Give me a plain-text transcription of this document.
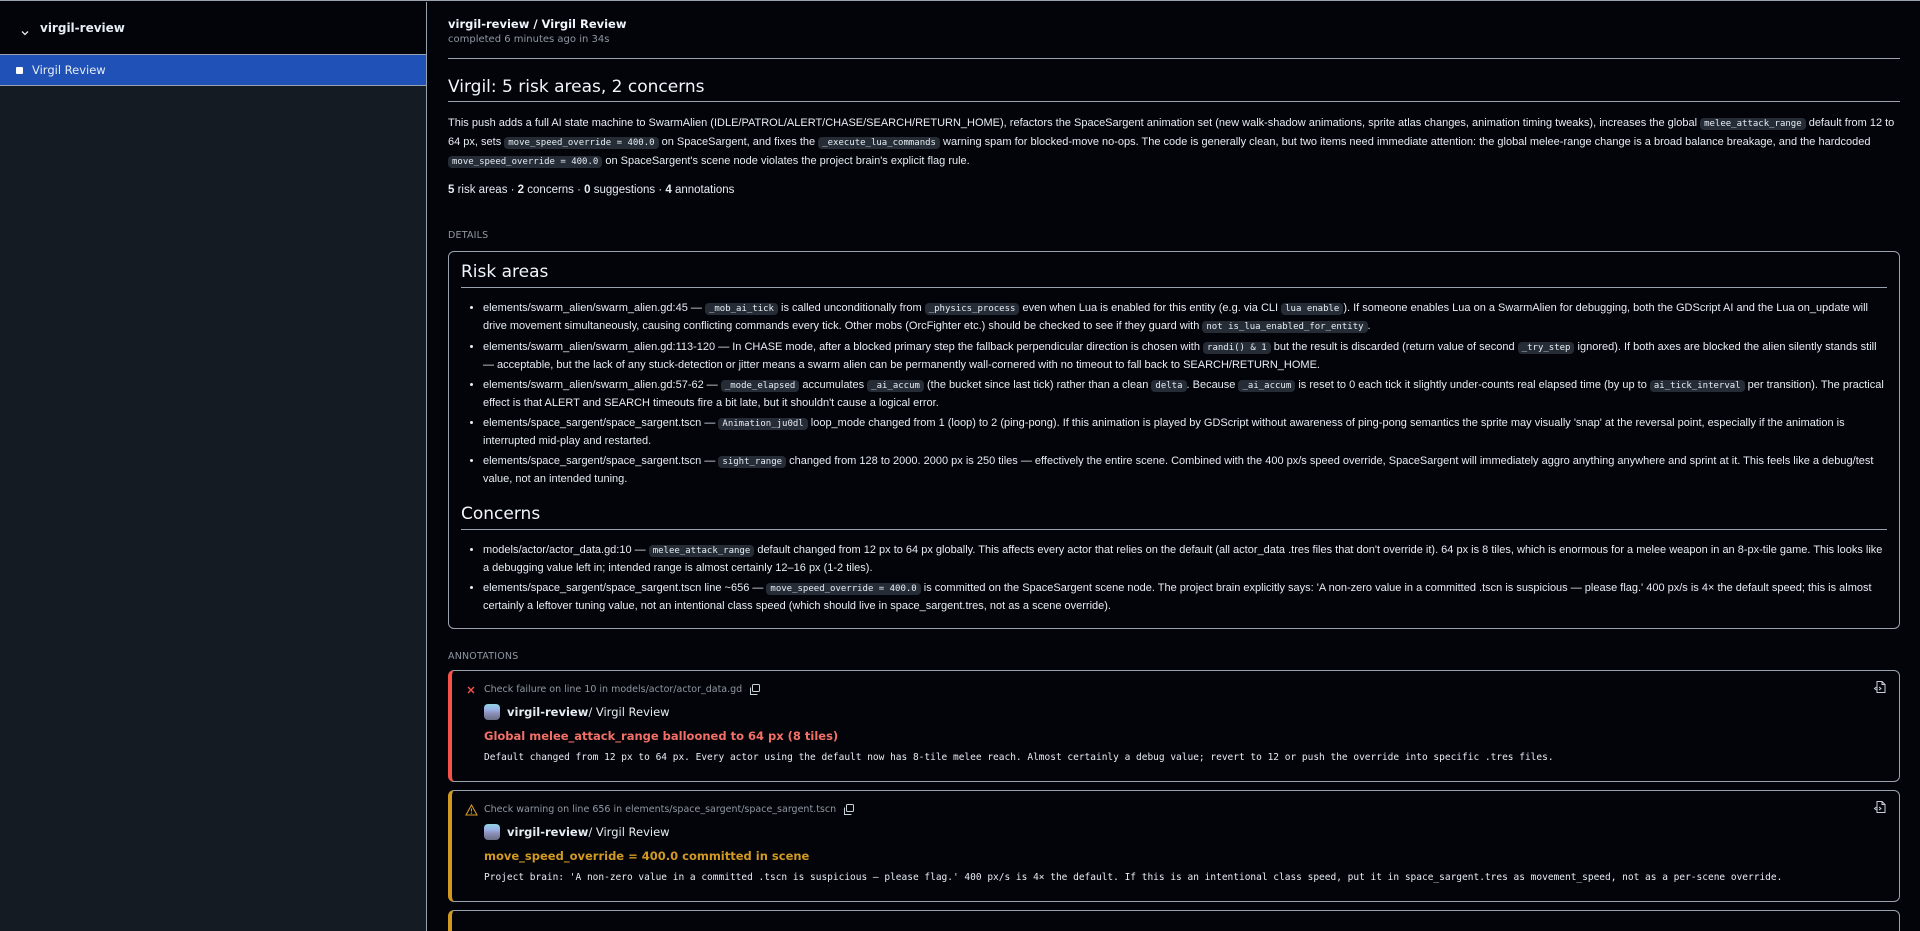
virgil-review
Virgil Review
virgil-review / Virgil Review
completed 6 minutes ago in 34s
Virgil: 5 risk areas, 2 concerns

This push adds a full AI state machine to SwarmAlien (IDLE/PATROL/ALERT/CHASE/SEARCH/RETURN_HOME), refactors the SpaceSargent animation set (new walk-shadow animations, sprite atlas changes, animation timing tweaks), increases the global melee_attack_range default from 12 to 64 px, sets move_speed_override = 400.0 on SpaceSargent, and fixes the _execute_lua_commands warning spam for blocked-move no-ops. The code is generally clean, but two items need immediate attention: the global melee-range change is a broad balance breakage, and the hardcoded move_speed_override = 400.0 on SpaceSargent's scene node violates the project brain's explicit flag rule.

5 risk areas · 2 concerns · 0 suggestions · 4 annotations
DETAILS
Risk areas
• elements/swarm_alien/swarm_alien.gd:45 — _mob_ai_tick is called unconditionally from _physics_process even when Lua is enabled for this entity (e.g. via CLI lua enable ). If someone enables Lua on a SwarmAlien for debugging, both the GDScript AI and the Lua on_update will drive movement simultaneously, causing conflicting commands every tick. Other mobs (OrcFighter etc.) should be checked to see if they guard with not is_lua_enabled_for_entity .
• elements/swarm_alien/swarm_alien.gd:113-120 — In CHASE mode, after a blocked primary step the fallback perpendicular direction is chosen with randi() & 1 but the result is discarded (return value of second _try_step ignored). If both axes are blocked the alien silently stands still — acceptable, but the lack of any stuck-detection or jitter means a swarm alien can be permanently wall-cornered with no timeout to fall back to SEARCH/RETURN_HOME.
• elements/swarm_alien/swarm_alien.gd:57-62 — _mode_elapsed accumulates _ai_accum (the bucket since last tick) rather than a clean delta . Because _ai_accum is reset to 0 each tick it slightly under-counts real elapsed time (by up to ai_tick_interval per transition). The practical effect is that ALERT and SEARCH timeouts fire a bit late, but it shouldn't cause a logical error.
• elements/space_sargent/space_sargent.tscn — Animation_ju0dl loop_mode changed from 1 (loop) to 2 (ping-pong). If this animation is played by GDScript without awareness of ping-pong semantics the sprite may visually 'snap' at the reversal point, especially if the animation is interrupted mid-play and restarted.
• elements/space_sargent/space_sargent.tscn — sight_range changed from 128 to 2000. 2000 px is 250 tiles — effectively the entire scene. Combined with the 400 px/s speed override, SpaceSargent will immediately aggro anything anywhere and sprint at it. This feels like a debug/test value, not an intended tuning.
Concerns
• models/actor/actor_data.gd:10 — melee_attack_range default changed from 12 px to 64 px globally. This affects every actor that relies on the default (all actor_data .tres files that don't override it). 64 px is 8 tiles, which is enormous for a melee weapon in an 8-px-tile game. This looks like a debugging value left in; intended range is almost certainly 12–16 px (1-2 tiles).
• elements/space_sargent/space_sargent.tscn line ~656 — move_speed_override = 400.0 is committed on the SpaceSargent scene node. The project brain explicitly says: 'A non-zero value in a committed .tscn is suspicious — please flag.' 400 px/s is 4× the default speed; this is almost certainly a leftover tuning value, not an intentional class speed (which should live in space_sargent.tres, not as a scene override).
ANNOTATIONS
Check failure on line 10 in models/actor/actor_data.gd
virgil-review / Virgil Review
Global melee_attack_range ballooned to 64 px (8 tiles)
Default changed from 12 px to 64 px. Every actor using the default now has 8-tile melee reach. Almost certainly a debug value; revert to 12 or push the override into specific .tres files.
Check warning on line 656 in elements/space_sargent/space_sargent.tscn
virgil-review / Virgil Review
move_speed_override = 400.0 committed in scene
Project brain: 'A non-zero value in a committed .tscn is suspicious — please flag.' 400 px/s is 4× the default. If this is an intentional class speed, put it in space_sargent.tres as movement_speed, not as a per-scene override.
